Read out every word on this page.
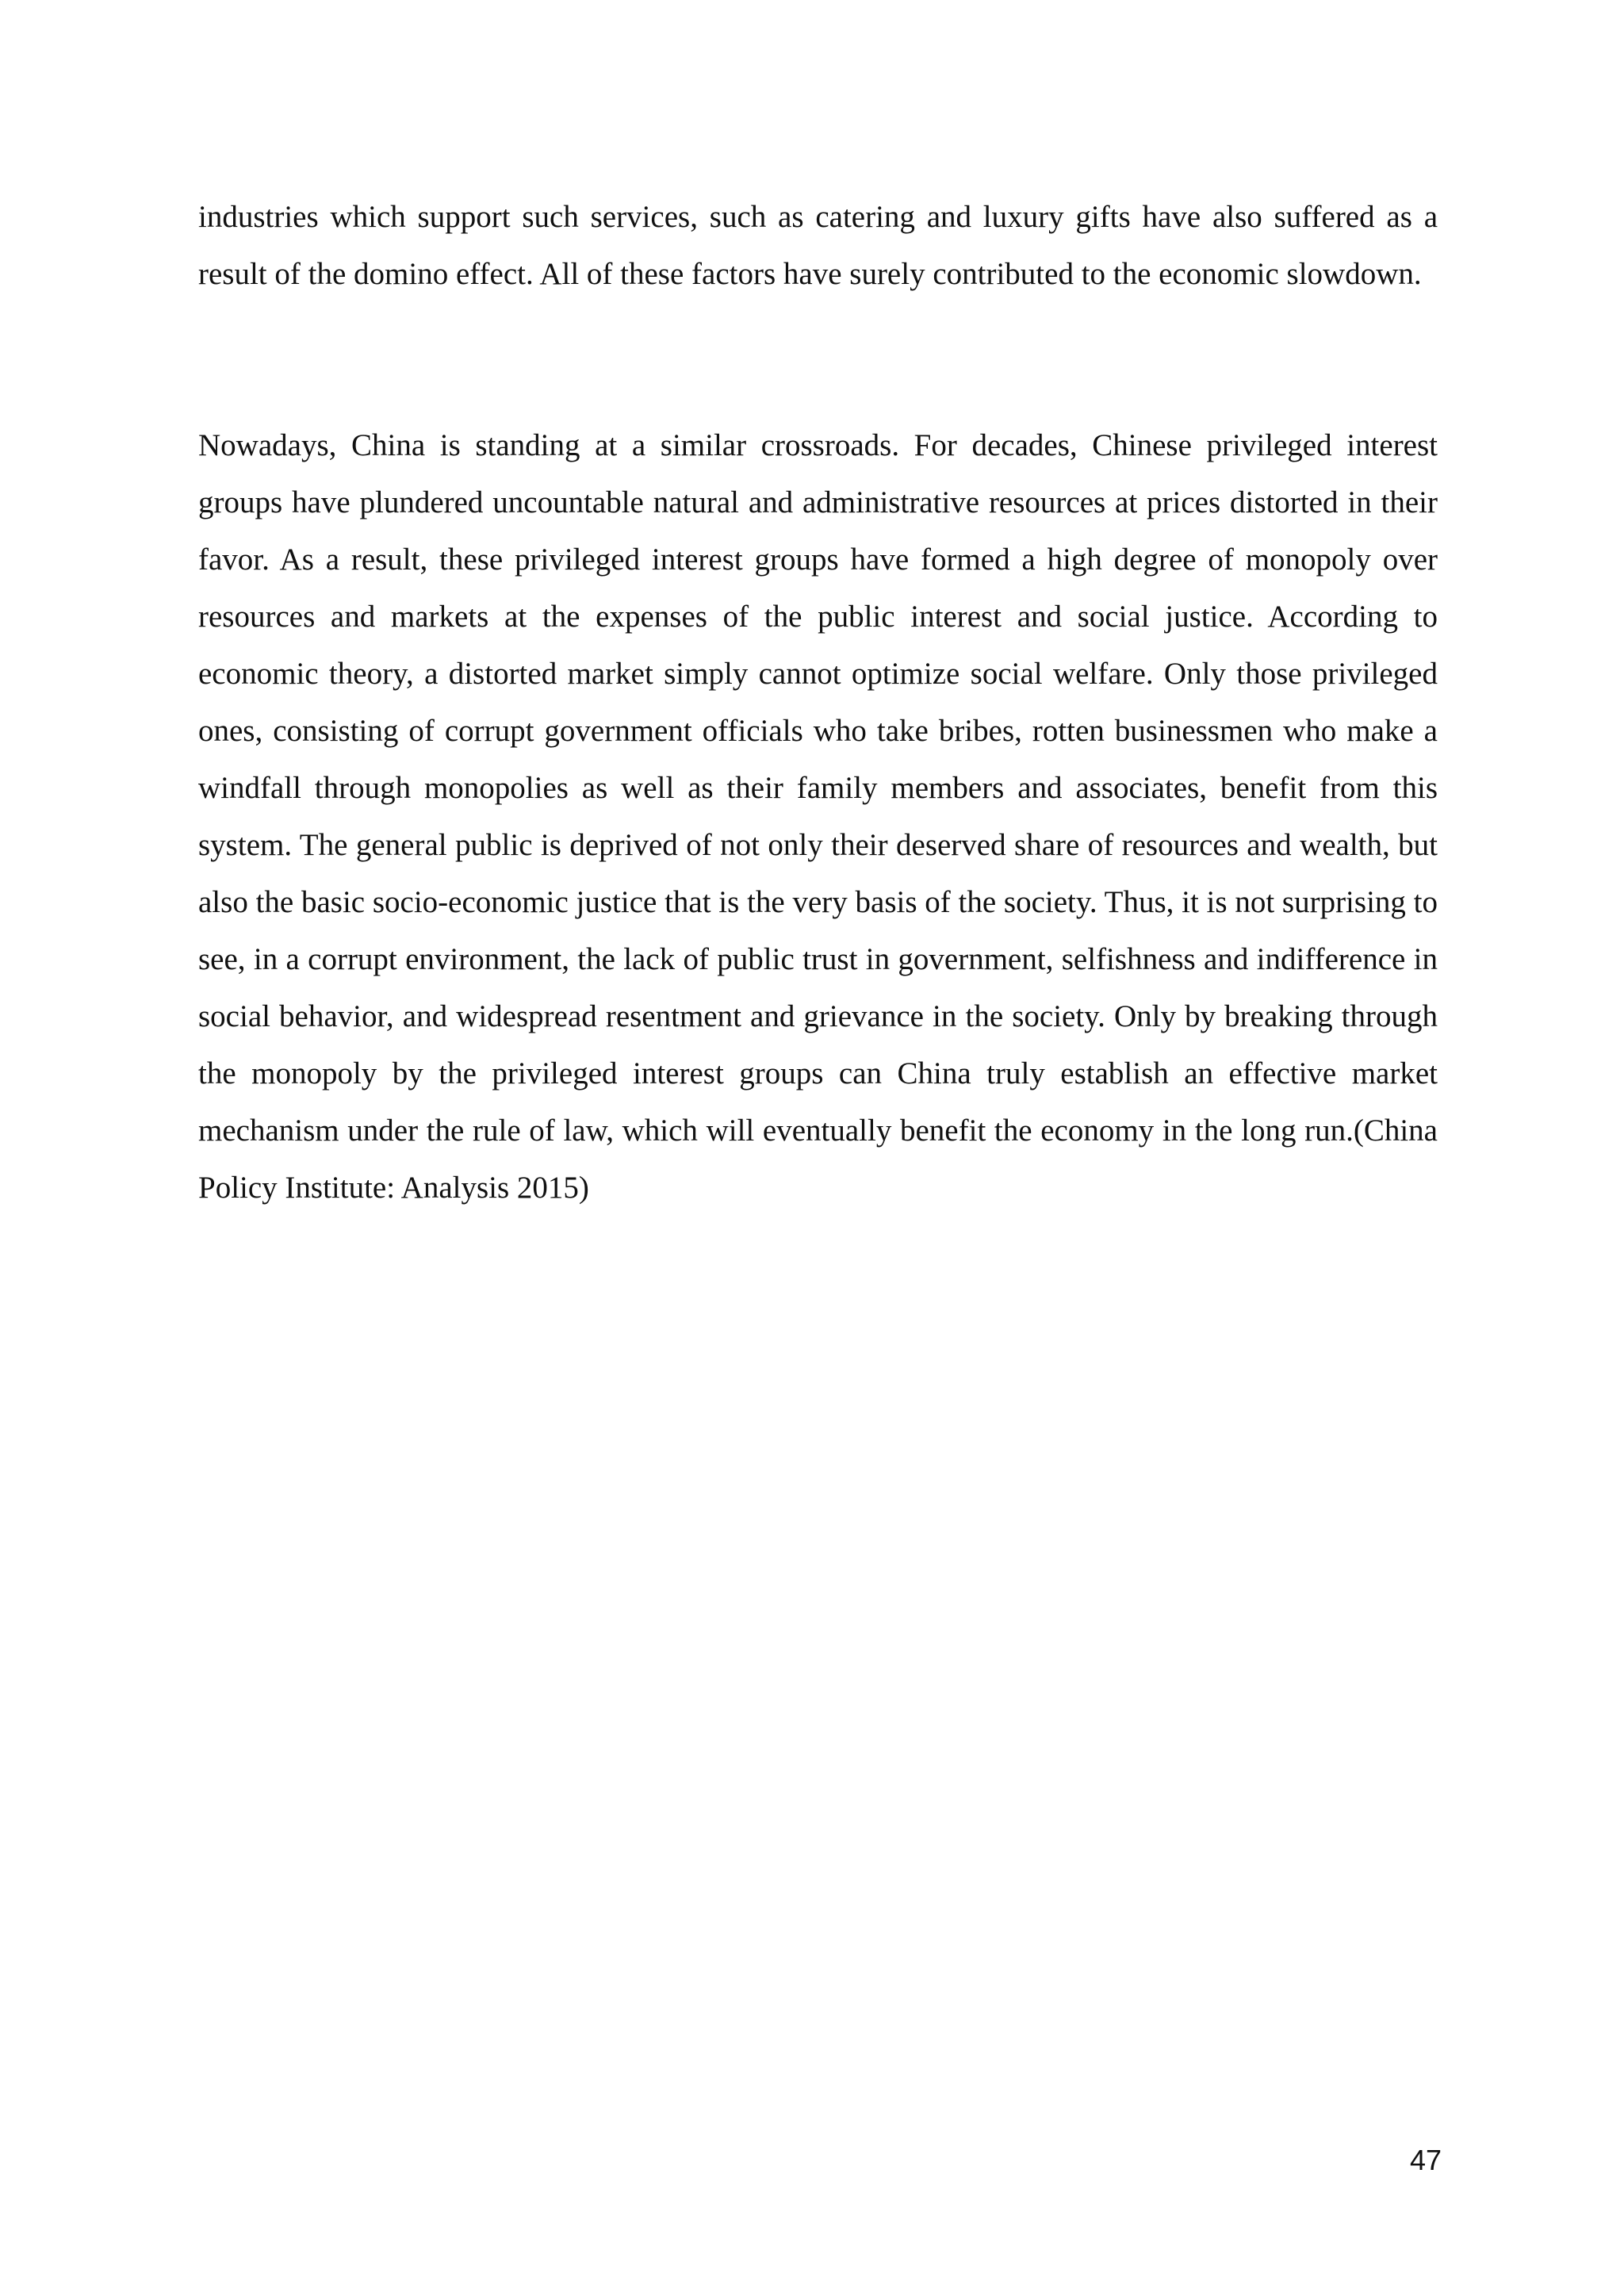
industries which support such services, such as catering and luxury gifts have also suffered as a result of the domino effect. All of these factors have surely contributed to the economic slowdown.

Nowadays, China is standing at a similar crossroads. For decades, Chinese privileged interest groups have plundered uncountable natural and administrative resources at prices distorted in their favor. As a result, these privileged interest groups have formed a high degree of monopoly over resources and markets at the expenses of the public interest and social justice. According to economic theory, a distorted market simply cannot optimize social welfare. Only those privileged ones, consisting of corrupt government officials who take bribes, rotten businessmen who make a windfall through monopolies as well as their family members and associates, benefit from this system. The general public is deprived of not only their deserved share of resources and wealth, but also the basic socio-economic justice that is the very basis of the society. Thus, it is not surprising to see, in a corrupt environment, the lack of public trust in government, selfishness and indifference in social behavior, and widespread resentment and grievance in the society. Only by breaking through the monopoly by the privileged interest groups can China truly establish an effective market mechanism under the rule of law, which will eventually benefit the economy in the long run.(China Policy Institute: Analysis 2015)

47
